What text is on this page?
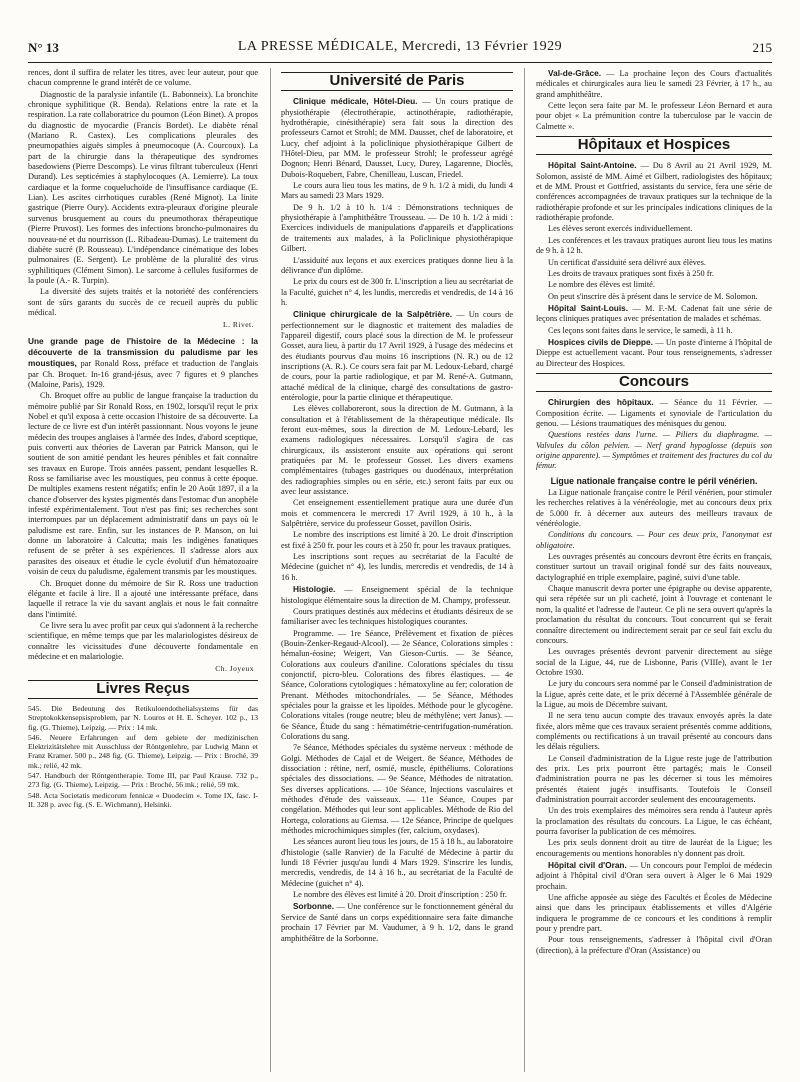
N° 13	LA PRESSE MÉDICALE, Mercredi, 13 Février 1929	215

rences, dont il suffira de relater les titres, avec leur auteur, pour que chacun comprenne le grand intérêt de ce volume.

Diagnostic de la paralysie infantile (L. Babonneix). La bronchite chronique syphilitique (R. Benda). Relations entre la rate et la respiration. La rate collaboratrice du poumon (Léon Binet). A propos du diagnostic de myocardie (Francis Bordet). Le diabète rénal (Mariano R. Castex). Les complications pleurales des pneumopathies aiguës simples à pneumocoque (A. Courcoux). La part de la chirurgie dans la thérapeutique des syndromes basedowiens (Pierre Descomps). Le virus filtrant tuberculeux (Henri Durand). Les septicémies à staphylocoques (A. Lemierre). La toux cardiaque et la forme coqueluchoïde de l'insuffisance cardiaque (E. Lian). Les ascites cirrhotiques curables (René Mignot). La linite gastrique (Pierre Oury). Accidents extra-pleuraux d'origine pleurale survenus brusquement au cours du pneumothorax thérapeutique (Pierre Pruvost). Les formes des infections broncho-pulmonaires du nouveau-né et du nourrisson (L. Ribadeau-Dumas). Le traitement du diabète sucré (P. Rousseau). L'indépendance cinématique des lobes pulmonaires (E. Sergent). Le problème de la pluralité des virus syphilitiques (Clément Simon). Le sarcome à cellules fusiformes de la poule (A.- R. Turpin).

La diversité des sujets traités et la notoriété des conférenciers sont de sûrs garants du succès de ce recueil auprès du public médical.

L. Rivet.

Une grande page de l'histoire de la Médecine : la découverte de la transmission du paludisme par les moustiques, par Ronald Ross, préface et traduction de l'anglais par Ch. Broquet. In-16 grand-jésus, avec 7 figures et 9 planches (Maloine, Paris), 1929.

Ch. Broquet offre au public de langue française la traduction du mémoire publié par Sir Ronald Ross, en 1902, lorsqu'il reçut le prix Nobel et qu'il exposa à cette occasion l'histoire de sa découverte. La lecture de ce livre est d'un intérêt passionnant. Nous voyons le jeune médecin des troupes anglaises à l'armée des Indes, d'abord sceptique, puis converti aux théories de Laveran par Patrick Manson, qui le soutient de son amitié pendant les heures pénibles et fait connaître ses travaux en Europe. Trois années passent, pendant lesquelles R. Ross se familiarise avec les moustiques, peu connus à cette époque. De multiples examens restent négatifs; enfin le 20 Août 1897, il a la chance d'observer des kystes pigmentés dans l'estomac d'un anophèle infesté expérimentalement. Tout n'est pas fini; ses recherches sont interrompues par un déplacement administratif dans un pays où le paludisme est rare. Enfin, sur les instances de P. Manson, on lui donne un laboratoire à Calcutta; mais les indigènes fanatiques refusent de se prêter à ses expériences. Il s'adresse alors aux parasites des oiseaux et étudie le cycle évolutif d'un hématozoaire voisin de ceux du paludisme, également transmis par les moustiques.

Ch. Broquet donne du mémoire de Sir R. Ross une traduction élégante et facile à lire. Il a ajouté une intéressante préface, dans laquelle il retrace la vie du savant anglais et nous le fait connaître dans l'intimité.

Ce livre sera lu avec profit par ceux qui s'adonnent à la recherche scientifique, en même temps que par les malariologistes désireux de connaître les vicissitudes d'une découverte fondamentale en médecine et en malariologie.

Ch. Joyeux
Livres Reçus

545. Die Bedeutung des Retikuloendothelialsystems für das Streptokokkensepsisproblem, par N. Louros et H. E. Scheyer. 102 p., 13 fig. (G. Thieme), Leipzig. — Prix : 14 mk.

546. Neuere Erfahrungen auf dem gebiete der medizinischen Elektrizitätslehre mit Ausschluss der Röntgenlehre, par Ludwig Mann et Franz Kramer. 500 p., 248 fig. (G. Thieme), Leipzig. — Prix : Broché, 39 mk.; relié, 42 mk.

547. Handbuch der Röntgentherapie. Tome III, par Paul Krause. 732 p., 273 fig. (G. Thieme), Leipzig. — Prix : Broché, 56 mk.; relié, 59 mk.

548. Acta Societatis medicorum fennicæ « Duodecim ». Tome IX, fasc. I-II. 328 p. avec fig. (S. E. Wichmann), Helsinki.

Université de Paris

Clinique médicale, Hôtel-Dieu. — Un cours pratique de physiothérapie (électrothérapie, actinothérapie, radiothérapie, hydrothérapie, cinésithérapie) sera fait sous la direction des professeurs Carnot et Strohl; de MM. Dausset, chef de laboratoire, et Lucy, chef adjoint à la policlinique physiothérapique Gilbert de l'Hôtel-Dieu, par MM. le professeur Strohl; le professeur agrégé Dognon; Henri Bénard, Dausset, Lucy, Durey, Lagarenne, Dioclès, Dubois-Roquebert, Fabre, Chenilleau, Luscan, Friedel.

Le cours aura lieu tous les matins, de 9 h. 1/2 à midi, du lundi 4 Mars au samedi 23 Mars 1929.

De 9 h. 1/2 à 10 h. 1/4 : Démonstrations techniques de physiothérapie à l'amphithéâtre Trousseau. — De 10 h. 1/2 à midi : Exercices individuels de manipulations d'appareils et d'applications de traitements aux malades, à la Policlinique physiothérapique Gilbert.

L'assiduité aux leçons et aux exercices pratiques donne lieu à la délivrance d'un diplôme.

Le prix du cours est de 300 fr. L'inscription a lieu au secrétariat de la Faculté, guichet n° 4, les lundis, mercredis et vendredis, de 14 à 16 h.

Clinique chirurgicale de la Salpêtrière. — Un cours de perfectionnement sur le diagnostic et traitement des maladies de l'appareil digestif, cours placé sous la direction de M. le professeur Gosset, aura lieu, à partir du 17 Avril 1929, à l'usage des médecins et des étudiants pourvus d'au moins 16 inscriptions (N. R.) ou de 12 inscriptions (A. R.). Ce cours sera fait par M. Ledoux-Lebard, chargé de cours, pour la partie radiologique, et par M. René-A. Gutmann, attaché médical de la clinique, chargé des consultations de gastro-entérologie, pour la partie clinique et thérapeutique.

Les élèves collaboreront, sous la direction de M. Gutmann, à la consultation et à l'établissement de la thérapeutique médicale. Ils feront eux-mêmes, sous la direction de M. Ledoux-Lebard, les examens radiologiques nécessaires. Lorsqu'il s'agira de cas chirurgicaux, ils assisteront ensuite aux opérations qui seront pratiquées par M. le professeur Gosset. Les divers examens complémentaires (tubages gastriques ou duodénaux, interprétation des radiographies simples ou en série, etc.) seront faits par eux ou avec leur assistance.

Cet enseignement essentiellement pratique aura une durée d'un mois et commencera le mercredi 17 Avril 1929, à 10 h., à la Salpêtrière, service du professeur Gosset, pavillon Osiris.

Le nombre des inscriptions est limité à 20. Le droit d'inscription est fixé à 250 fr. pour les cours et à 250 fr. pour les travaux pratiques.

Les inscriptions sont reçues au secrétariat de la Faculté de Médecine (guichet n° 4), les lundis, mercredis et vendredis, de 14 à 16 h.

Histologie. — Enseignement spécial de la technique histologique élémentaire sous la direction de M. Champy, professeur.

Cours pratiques destinés aux médecins et étudiants désireux de se familiariser avec les techniques histologiques courantes.

Programme. — 1re Séance, Prélèvement et fixation de pièces (Bouin-Zenker-Regaud-Alcool). — 2e Séance, Colorations simples : hémalun-éosine; Weigert, Van Gieson-Curtis. — 3e Séance, Colorations aux couleurs d'aniline. Colorations spéciales du tissu conjonctif, picro-bleu. Colorations des fibres élastiques. — 4e Séance, Colorations cytologiques : hématoxyline au fer; coloration de Prenant. Méthodes mitochondriales. — 5e Séance, Méthodes spéciales pour la graisse et les lipoïdes. Méthode pour le glycogène. Colorations vitales (rouge neutre; bleu de méthylène; vert Janus). — 6e Séance, Étude du sang : hématimétrie-centrifugation-numération. Colorations du sang.

7e Séance, Méthodes spéciales du système nerveux : méthode de Golgi. Méthodes de Cajal et de Weigert. 8e Séance, Méthodes de dissociation : rétine, nerf, osmié, muscle, épithéliums. Colorations spéciales des dissociations. — 9e Séance, Méthodes de nitratation. Ses diverses applications. — 10e Séance, Injections vasculaires et méthodes d'étude des vaisseaux. — 11e Séance, Coupes par congélation. Méthodes qui leur sont applicables. Méthode de Rio del Hortega, colorations au Giemsa. — 12e Séance, Principe de quelques méthodes microchimiques simples (fer, calcium, oxydases).

Les séances auront lieu tous les jours, de 15 à 18 h., au laboratoire d'histologie (salle Ranvier) de la Faculté de Médecine à partir du lundi 18 Février jusqu'au lundi 4 Mars 1929. S'inscrire les lundis, mercredis, vendredis, de 14 à 16 h., au secrétariat de la Faculté de Médecine (guichet n° 4).

Le nombre des élèves est limité à 20. Droit d'inscription : 250 fr.

Sorbonne. — Une conférence sur le fonctionnement général du Service de Santé dans un corps expéditionnaire sera faite dimanche prochain 17 Février par M. Vaudumer, à 9 h. 1/2, dans le grand amphithéâtre de la Sorbonne.

Val-de-Grâce. — La prochaine leçon des Cours d'actualités médicales et chirurgicales aura lieu le samedi 23 Février, à 17 h., au grand amphithéâtre.

Cette leçon sera faite par M. le professeur Léon Bernard et aura pour objet « La prémunition contre la tuberculose par le vaccin de Calmette ».

Hôpitaux et Hospices

Hôpital Saint-Antoine. — Du 8 Avril au 21 Avril 1929, M. Solomon, assisté de MM. Aimé et Gilbert, radiologistes des hôpitaux; et de MM. Proust et Gottfried, assistants du service, fera une série de conférences accompagnées de travaux pratiques sur la technique de la radiothérapie profonde et sur les principales indications cliniques de la radiothérapie profonde.

Les élèves seront exercés individuellement.

Les conférences et les travaux pratiques auront lieu tous les matins de 9 h. à 12 h.

Un certificat d'assiduité sera délivré aux élèves.

Les droits de travaux pratiques sont fixés à 250 fr.

Le nombre des élèves est limité.

On peut s'inscrire dès à présent dans le service de M. Solomon.

Hôpital Saint-Louis. — M. F.-M. Cadenat fait une série de leçons cliniques pratiques avec présentation de malades et schémas.

Ces leçons sont faites dans le service, le samedi, à 11 h.

Hospices civils de Dieppe. — Un poste d'interne à l'hôpital de Dieppe est actuellement vacant. Pour tous renseignements, s'adresser au Directeur des Hospices.

Concours

Chirurgien des hôpitaux. — Séance du 11 Février. — Composition écrite. — Ligaments et synoviale de l'articulation du genou. — Lésions traumatiques des ménisques du genou.

Questions restées dans l'urne. — Piliers du diaphragme. — Valvules du côlon pelvien. — Nerf grand hypoglosse (depuis son origine apparente). — Symptômes et traitement des fractures du col du fémur.

Ligue nationale française contre le péril vénérien.

La Ligue nationale française contre le Péril vénérien, pour stimuler les recherches relatives à la vénéréologie, met au concours deux prix de 5.000 fr. à décerner aux auteurs des meilleurs travaux de vénéréologie.

Conditions du concours. — Pour ces deux prix, l'anonymat est obligatoire.

Les ouvrages présentés au concours devront être écrits en français, constituer surtout un travail original fondé sur des faits nouveaux, dactylographié en triple exemplaire, paginé, suivi d'une table.

Chaque manuscrit devra porter une épigraphe ou devise apparente, qui sera répétée sur un pli cacheté, joint à l'ouvrage et contenant le nom, la qualité et l'adresse de l'auteur. Ce pli ne sera ouvert qu'après la proclamation du résultat du concours. Tout concurrent qui se ferait connaître directement ou indirectement serait par ce seul fait exclu du concours.

Les ouvrages présentés devront parvenir directement au siège social de la Ligue, 44, rue de Lisbonne, Paris (VIIIe), avant le 1er Octobre 1930.

Le jury du concours sera nommé par le Conseil d'administration de la Ligue, après cette date, et le prix décerné à l'Assemblée générale de la Ligue, au mois de Décembre suivant.

Il ne sera tenu aucun compte des travaux envoyés après la date fixée, alors même que ces travaux seraient présentés comme additions, compléments ou rectifications à un travail présenté au concours dans les délais réguliers.

Le Conseil d'administration de la Ligue reste juge de l'attribution des prix. Les prix pourront être partagés; mais le Conseil d'administration pourra ne pas les décerner si tous les mémoires présentés étaient jugés insuffisants. Toutefois le Conseil d'administration pourrait accorder seulement des encouragements.

Un des trois exemplaires des mémoires sera rendu à l'auteur après la proclamation des résultats du concours. La Ligue, le cas échéant, pourra favoriser la publication de ces mémoires.

Les prix seuls donnent droit au titre de lauréat de la Ligue; les encouragements ou mentions honorables n'y donnent pas droit.

Hôpital civil d'Oran. — Un concours pour l'emploi de médecin adjoint à l'hôpital civil d'Oran sera ouvert à Alger le 6 Mai 1929 prochain.

Une affiche apposée au siège des Facultés et Écoles de Médecine ainsi que dans les principaux établissements et villes d'Algérie indiquera le programme de ce concours et les conditions à remplir pour y prendre part.

Pour tous renseignements, s'adresser à l'hôpital civil d'Oran (direction), à la préfecture d'Oran (Assistance) ou
